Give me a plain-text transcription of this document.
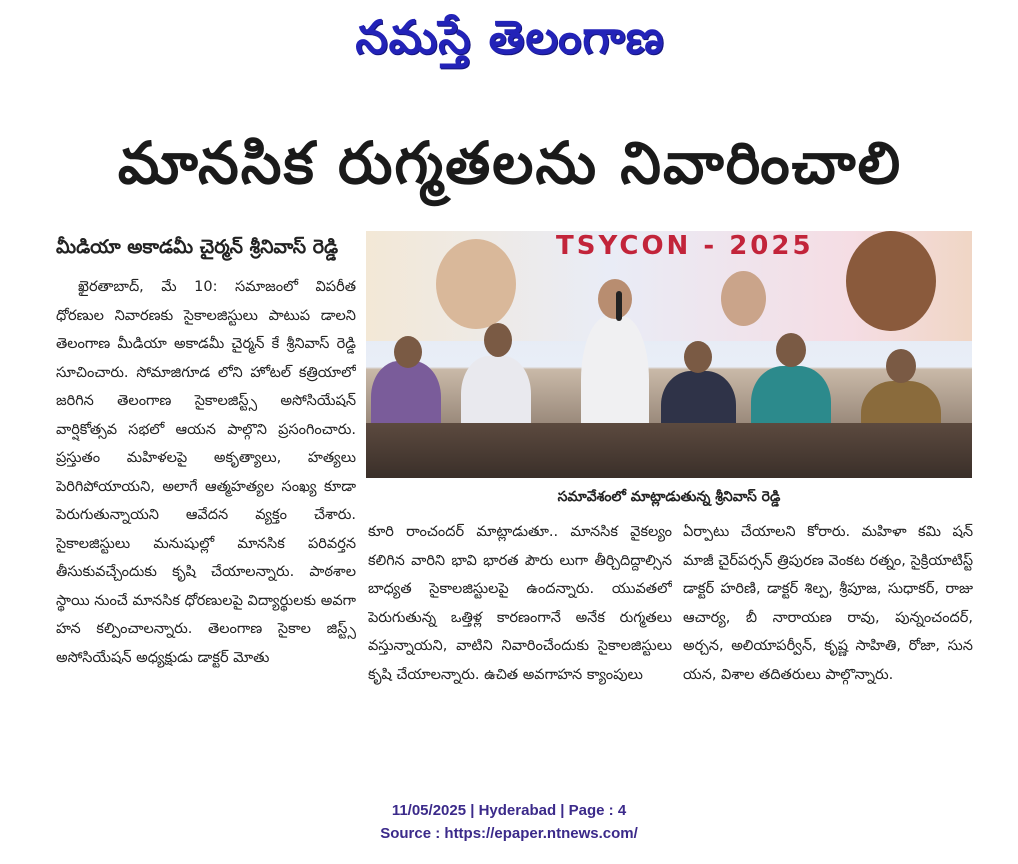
నమస్తే తెలంగాణ
మానసిక రుగ్మతలను నివారించాలి
మీడియా అకాడమీ చైర్మన్ శ్రీనివాస్ రెడ్డి

ఖైరతాబాద్, మే 10: సమాజంలో విపరీత ధోరణుల నివారణకు సైకాలజిస్టులు పాటుప డాలని తెలంగాణ మీడియా అకాడమీ చైర్మన్ కే శ్రీనివాస్ రెడ్డి సూచించారు. సోమాజిగూడ లోని హోటల్ కత్రియాలో జరిగిన తెలంగాణ సైకాలజిస్ట్స్ అసోసియేషన్ వార్షికోత్సవ సభలో ఆయన పాల్గొని ప్రసంగించారు. ప్రస్తుతం మహిళలపై అకృత్యాలు, హత్యలు పెరిగిపోయాయని, అలాగే ఆత్మహత్యల సంఖ్య కూడా పెరుగుతున్నాయని ఆవేదన వ్యక్తం చేశారు. సైకాలజిస్టులు మనుషుల్లో మానసిక పరివర్తన తీసుకువచ్చేందుకు కృషి చేయాలన్నారు. పాఠశాల స్థాయి నుంచే మానసిక ధోరణులపై విద్యార్థులకు అవగా హన కల్పించాలన్నారు. తెలంగాణ సైకాల జిస్ట్స్ అసోసియేషన్ అధ్యక్షుడు డాక్టర్ మోతు

TSYCON - 2025
సమావేశంలో మాట్లాడుతున్న శ్రీనివాస్ రెడ్డి

కూరి రాంచందర్ మాట్లాడుతూ.. మానసిక వైకల్యం కలిగిన వారిని భావి భారత పౌరు లుగా తీర్చిదిద్దాల్సిన బాధ్యత సైకాలజిస్టులపై ఉందన్నారు. యువతలో పెరుగుతున్న ఒత్తిళ్ల కారణంగానే అనేక రుగ్మతలు వస్తున్నాయని, వాటిని నివారించేందుకు సైకాలజిస్టులు కృషి చేయాలన్నారు. ఉచిత అవగాహన క్యాంపులు

ఏర్పాటు చేయాలని కోరారు. మహిళా కమి షన్ మాజీ చైర్‌పర్సన్ త్రిపురణ వెంకట రత్నం, సైక్రియాటిస్ట్ డాక్టర్ హరిణి, డాక్టర్ శిల్ప, శ్రీపూజ, సుధాకర్, రాజు ఆచార్య, బీ నారాయణ రావు, పున్నంచందర్, అర్చన, అలియాపర్వీన్, కృష్ణ సాహితి, రోజా, సున యన, విశాల తదితరులు పాల్గొన్నారు.

11/05/2025 | Hyderabad | Page : 4
Source : https://epaper.ntnews.com/
